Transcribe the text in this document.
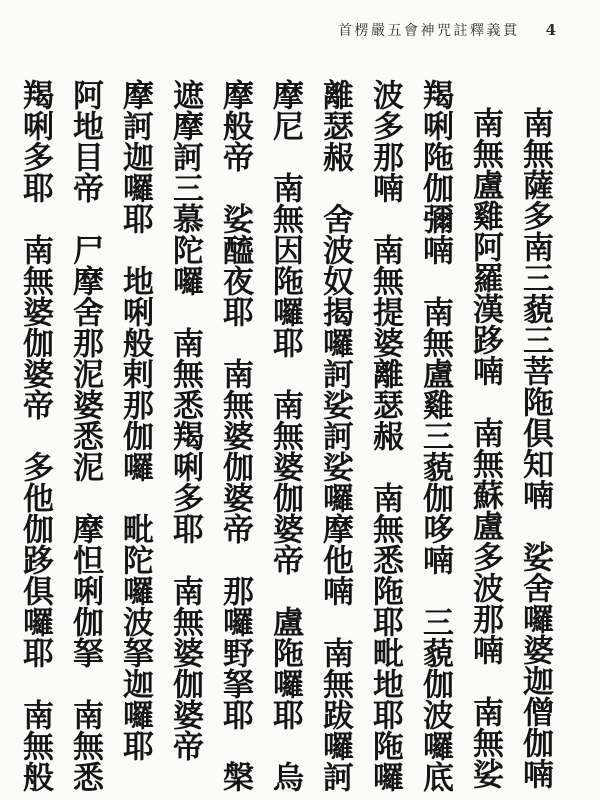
首楞嚴五會神咒註釋義貫 4
南無薩多南三藐三菩陁俱知喃　娑舍囉婆迦僧伽喃
南無盧雞阿羅漢跢喃　南無蘇盧多波那喃　南無娑
羯唎陁伽彌喃　南無盧雞三藐伽哆喃　三藐伽波囉底
波多那喃　南無提婆離瑟赧　南無悉陁耶毗地耶陁囉
離瑟赧　舍波奴揭囉訶娑訶娑囉摩他喃　南無跋囉訶
摩尼　南無因陁囉耶　南無婆伽婆帝　盧陁囉耶　烏
摩般帝　娑醯夜耶　南無婆伽婆帝　那囉野拏耶　槃
遮摩訶三慕陀囉　南無悉羯唎多耶　南無婆伽婆帝
摩訶迦囉耶　地唎般剌那伽囉　毗陀囉波拏迦囉耶
阿地目帝　尸摩舍那泥婆悉泥　摩怛唎伽拏　南無悉
羯唎多耶　南無婆伽婆帝　多他伽跢俱囉耶　南無般
